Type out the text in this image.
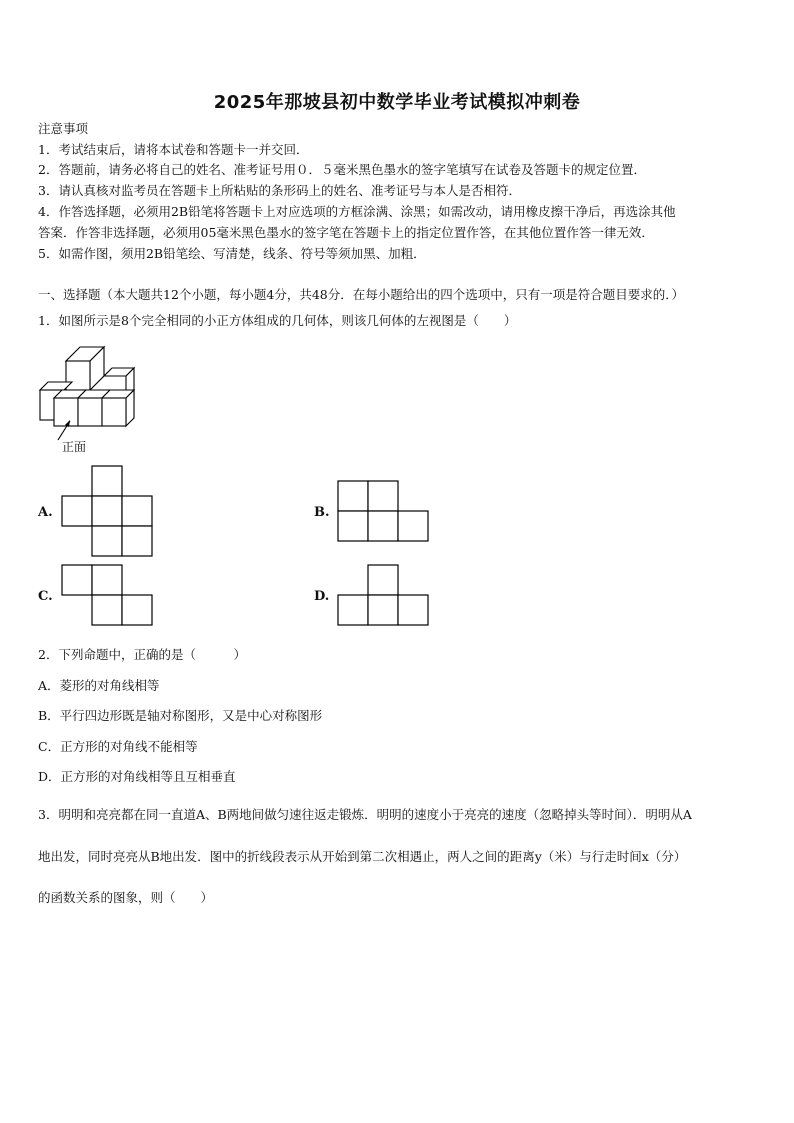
2025年那坡县初中数学毕业考试模拟冲刺卷
注意事项
1．考试结束后，请将本试卷和答题卡一并交回．
2．答题前，请务必将自己的姓名、准考证号用０．５毫米黑色墨水的签字笔填写在试卷及答题卡的规定位置．
3．请认真核对监考员在答题卡上所粘贴的条形码上的姓名、准考证号与本人是否相符．
4．作答选择题，必须用2B铅笔将答题卡上对应选项的方框涂满、涂黑；如需改动，请用橡皮擦干净后，再选涂其他
答案．作答非选择题，必须用05毫米黑色墨水的签字笔在答题卡上的指定位置作答，在其他位置作答一律无效．
5．如需作图，须用2B铅笔绘、写清楚，线条、符号等须加黑、加粗．
一、选择题（本大题共12个小题，每小题4分，共48分．在每小题给出的四个选项中，只有一项是符合题目要求的．）
1．如图所示是8个完全相同的小正方体组成的几何体，则该几何体的左视图是（　　）
正面
A.	B.
C.	D.
2．下列命题中，正确的是（　　　）
A．菱形的对角线相等
B．平行四边形既是轴对称图形，又是中心对称图形
C．正方形的对角线不能相等
D．正方形的对角线相等且互相垂直
3．明明和亮亮都在同一直道A、B两地间做匀速往返走锻炼．明明的速度小于亮亮的速度（忽略掉头等时间）．明明从A
地出发，同时亮亮从B地出发．图中的折线段表示从开始到第二次相遇止，两人之间的距离y（米）与行走时间x（分）
的函数关系的图象，则（　　）
